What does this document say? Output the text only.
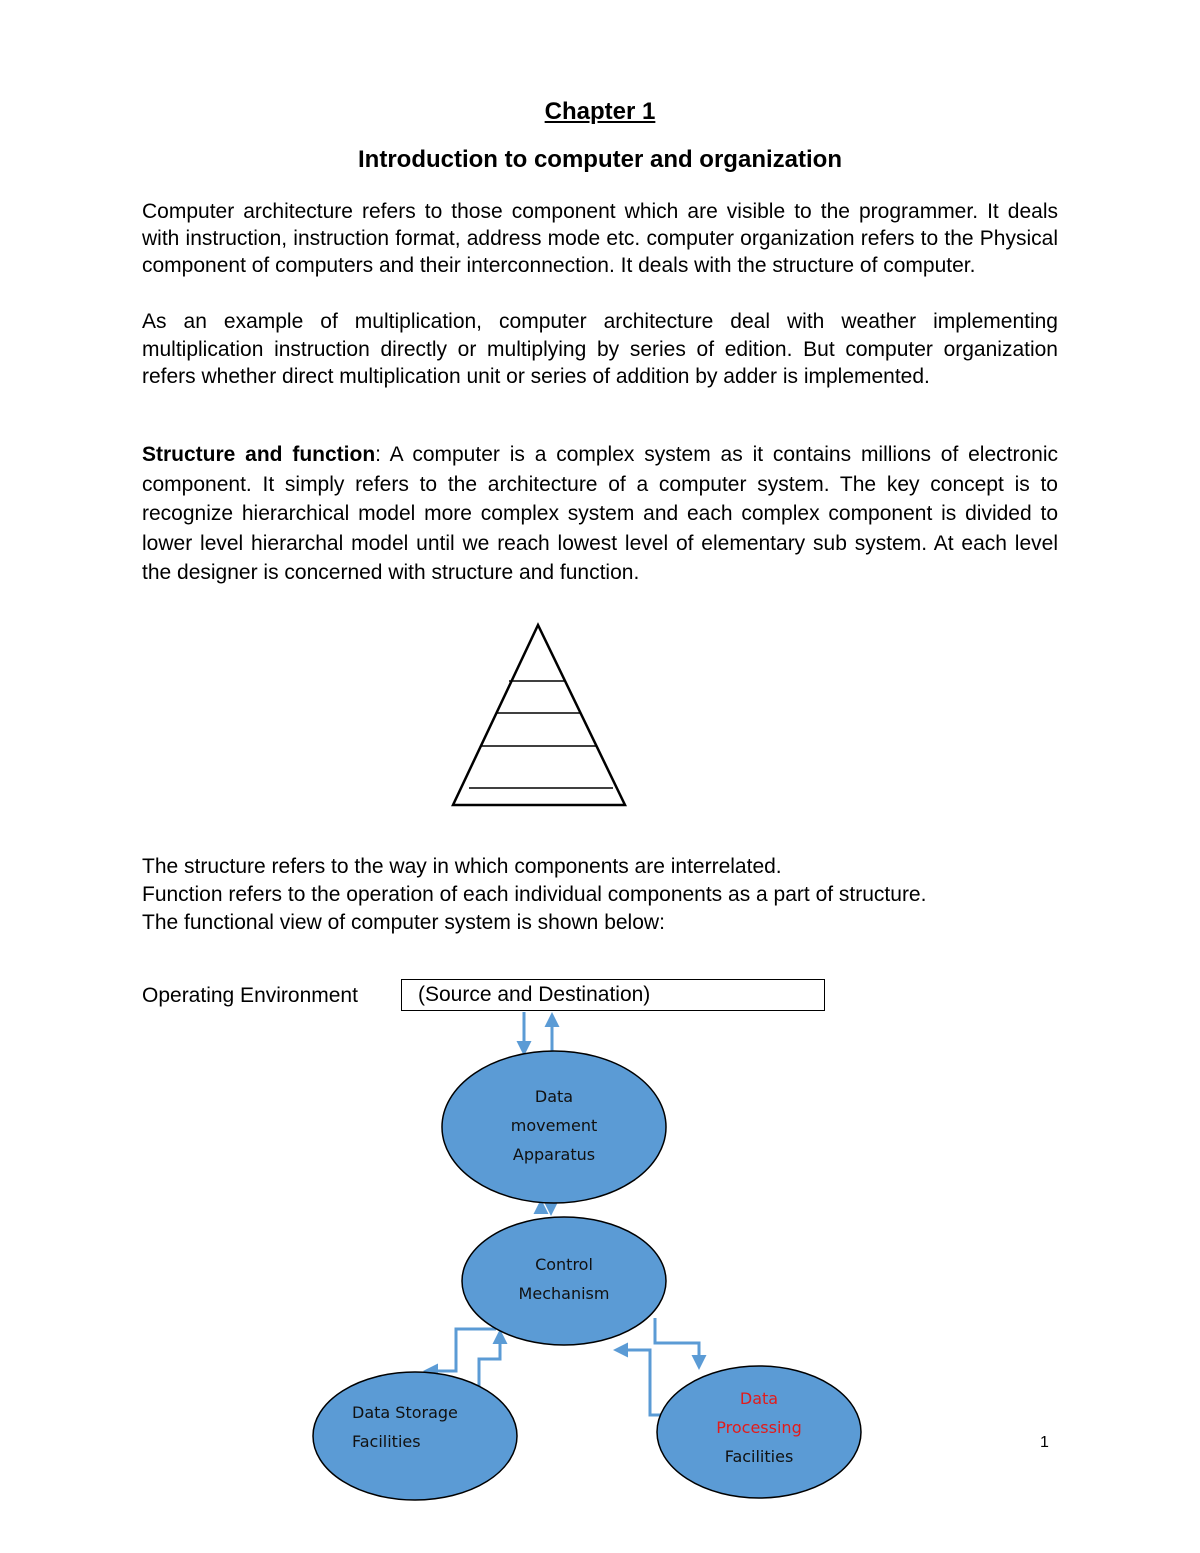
Chapter 1
Introduction to computer and organization
Computer architecture refers to those component which are visible to the programmer. It deals with instruction, instruction format, address mode etc. computer organization refers to the Physical component of computers and their interconnection. It deals with the structure of computer.
As an example of multiplication, computer architecture deal with weather implementing multiplication instruction directly or multiplying by series of edition. But computer organization refers whether direct multiplication unit or series of addition by adder is implemented.
Structure and function: A computer is a complex system as it contains millions of electronic component. It simply refers to the architecture of a computer system. The key concept is to recognize hierarchical model more complex system and each complex component is divided to lower level hierarchal model until we reach lowest level of elementary sub system. At each level the designer is concerned with structure and function.
The structure refers to the way in which components are interrelated.
Function refers to the operation of each individual components as a part of structure.
The functional view of computer system is shown below:
Operating Environment	(Source and Destination)
Data
movement
Apparatus
Control
Mechanism
Data Storage
Facilities
Data
Processing
Facilities
1
